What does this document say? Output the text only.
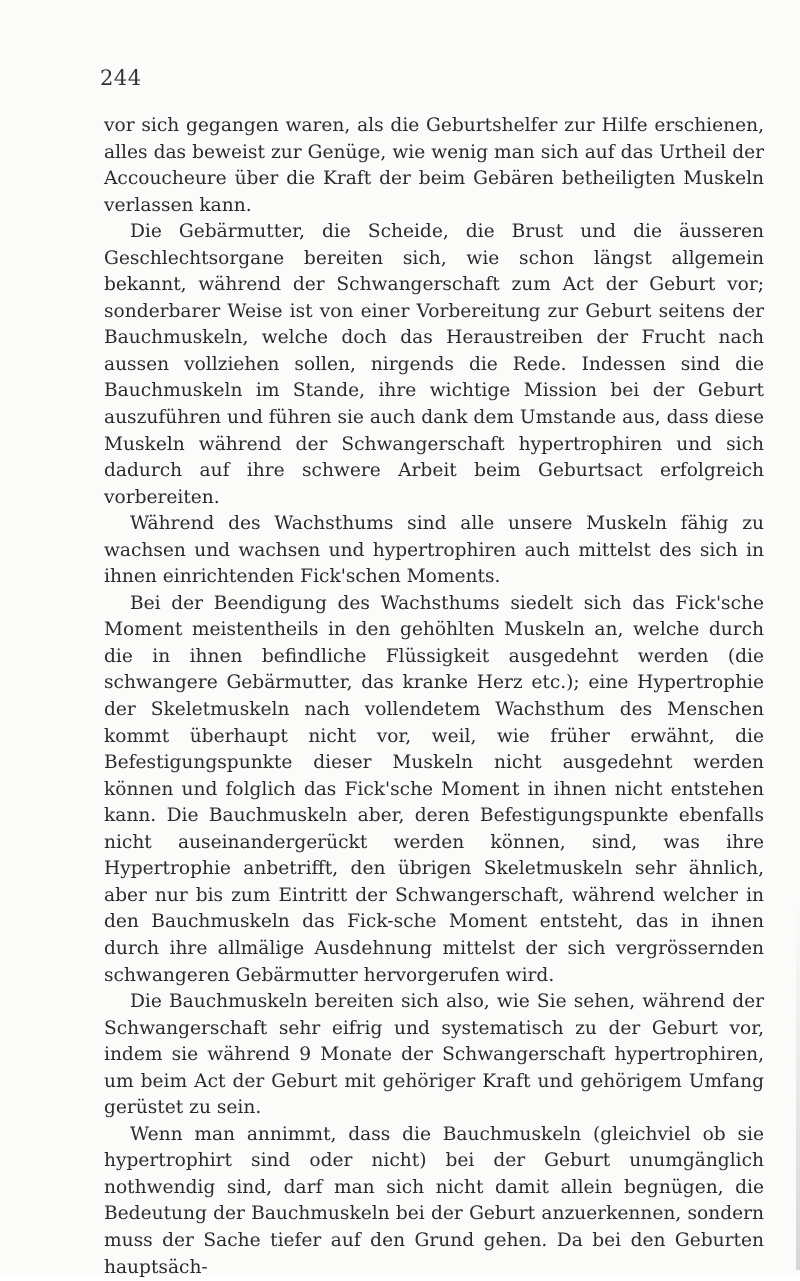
244

vor sich gegangen waren, als die Geburtshelfer zur Hilfe erschienen, alles das beweist zur Genüge, wie wenig man sich auf das Urtheil der Accoucheure über die Kraft der beim Gebären betheiligten Muskeln verlassen kann.

Die Gebärmutter, die Scheide, die Brust und die äusseren Geschlechtsorgane bereiten sich, wie schon längst allgemein bekannt, während der Schwangerschaft zum Act der Geburt vor; sonderbarer Weise ist von einer Vorbereitung zur Geburt seitens der Bauchmuskeln, welche doch das Heraustreiben der Frucht nach aussen vollziehen sollen, nirgends die Rede. Indessen sind die Bauchmuskeln im Stande, ihre wichtige Mission bei der Geburt auszuführen und führen sie auch dank dem Umstande aus, dass diese Muskeln während der Schwangerschaft hypertrophiren und sich dadurch auf ihre schwere Arbeit beim Geburtsact erfolgreich vorbereiten.

Während des Wachsthums sind alle unsere Muskeln fähig zu wachsen und wachsen und hypertrophiren auch mittelst des sich in ihnen einrichtenden Fick'schen Moments.

Bei der Beendigung des Wachsthums siedelt sich das Fick'sche Moment meistentheils in den gehöhlten Muskeln an, welche durch die in ihnen befindliche Flüssigkeit ausgedehnt werden (die schwangere Gebärmutter, das kranke Herz etc.); eine Hypertrophie der Skeletmuskeln nach vollendetem Wachsthum des Menschen kommt überhaupt nicht vor, weil, wie früher erwähnt, die Befestigungspunkte dieser Muskeln nicht ausgedehnt werden können und folglich das Fick'sche Moment in ihnen nicht entstehen kann. Die Bauchmuskeln aber, deren Befestigungspunkte ebenfalls nicht auseinandergerückt werden können, sind, was ihre Hypertrophie anbetrifft, den übrigen Skeletmuskeln sehr ähnlich, aber nur bis zum Eintritt der Schwangerschaft, während welcher in den Bauchmuskeln das Fick-sche Moment entsteht, das in ihnen durch ihre allmälige Ausdehnung mittelst der sich vergrössernden schwangeren Gebärmutter hervorgerufen wird.

Die Bauchmuskeln bereiten sich also, wie Sie sehen, während der Schwangerschaft sehr eifrig und systematisch zu der Geburt vor, indem sie während 9 Monate der Schwangerschaft hypertrophiren, um beim Act der Geburt mit gehöriger Kraft und gehörigem Umfang gerüstet zu sein.

Wenn man annimmt, dass die Bauchmuskeln (gleichviel ob sie hypertrophirt sind oder nicht) bei der Geburt unumgänglich nothwendig sind, darf man sich nicht damit allein begnügen, die Bedeutung der Bauchmuskeln bei der Geburt anzuerkennen, sondern muss der Sache tiefer auf den Grund gehen. Da bei den Geburten hauptsäch-
